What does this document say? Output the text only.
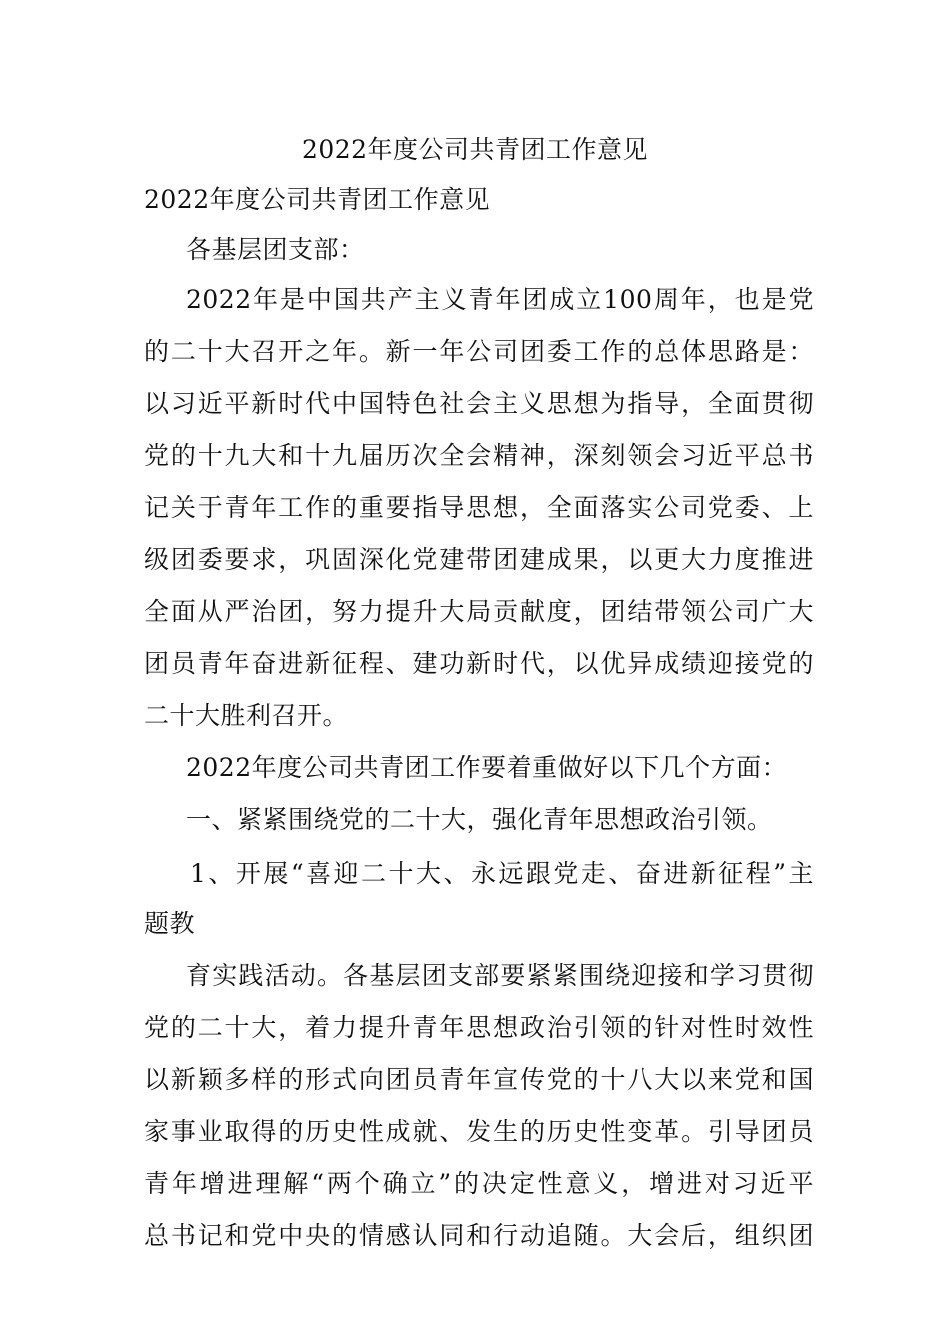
2022年度公司共青团工作意见
2022年度公司共青团工作意见
各基层团支部：
2022年是中国共产主义青年团成立100周年，也是党
的二十大召开之年。新一年公司团委工作的总体思路是：
以习近平新时代中国特色社会主义思想为指导，全面贯彻
党的十九大和十九届历次全会精神，深刻领会习近平总书
记关于青年工作的重要指导思想，全面落实公司党委、上
级团委要求，巩固深化党建带团建成果，以更大力度推进
全面从严治团，努力提升大局贡献度，团结带领公司广大
团员青年奋进新征程、建功新时代，以优异成绩迎接党的
二十大胜利召开。
2022年度公司共青团工作要着重做好以下几个方面：
一、紧紧围绕党的二十大，强化青年思想政治引领。
1、开展“喜迎二十大、永远跟党走、奋进新征程”主
题教
育实践活动。各基层团支部要紧紧围绕迎接和学习贯彻
党的二十大，着力提升青年思想政治引领的针对性时效性
以新颖多样的形式向团员青年宣传党的十八大以来党和国
家事业取得的历史性成就、发生的历史性变革。引导团员
青年增进理解“两个确立”的决定性意义，增进对习近平
总书记和党中央的情感认同和行动追随。大会后，组织团
